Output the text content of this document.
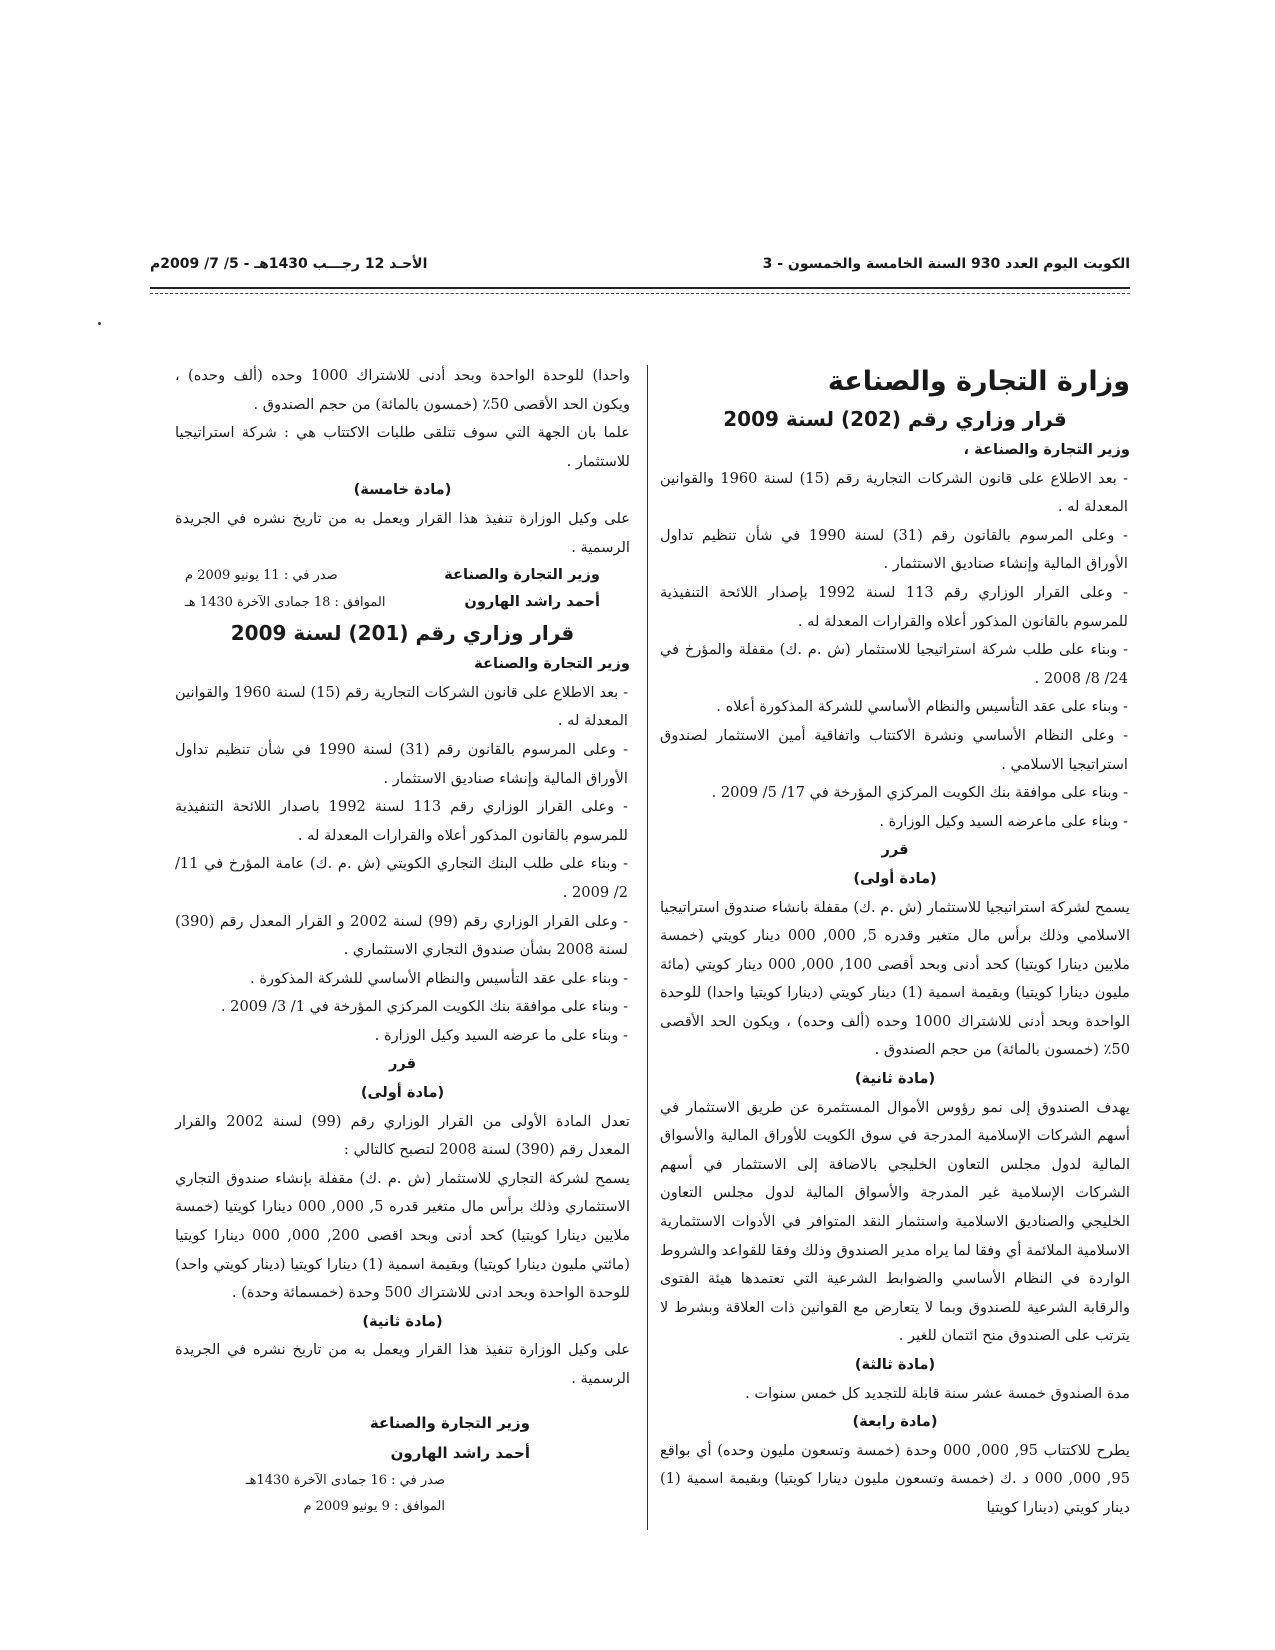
الكويت اليوم العدد 930 السنة الخامسة والخمسون - 3
الأحـد 12 رجـــب 1430هـ - 5/ 7/ 2009م

وزارة التجارة والصناعة

قرار وزاري رقم (202) لسنة 2009

وزير التجارة والصناعة ،

- بعد الاطلاع على قانون الشركات التجارية رقم (15) لسنة 1960 والقوانين المعدلة له .

- وعلى المرسوم بالقانون رقم (31) لسنة 1990 في شأن تنظيم تداول الأوراق المالية وإنشاء صناديق الاستثمار .

- وعلى القرار الوزاري رقم 113 لسنة 1992 بإصدار اللائحة التنفيذية للمرسوم بالقانون المذكور أعلاه والقرارات المعدلة له .

- وبناء على طلب شركة استراتيجيا للاستثمار (ش .م .ك) مقفلة والمؤرخ في 24/ 8/ 2008 .

- وبناء على عقد التأسيس والنظام الأساسي للشركة المذكورة أعلاه .

- وعلى النظام الأساسي ونشرة الاكتتاب واتفاقية أمين الاستثمار لصندوق استراتيجيا الاسلامي .

- وبناء على موافقة بنك الكويت المركزي المؤرخة في 17/ 5/ 2009 .

- وبناء على ماعرضه السيد وكيل الوزارة .

قرر

(مادة أولى)

يسمح لشركة استراتيجيا للاستثمار (ش .م .ك) مقفلة بانشاء صندوق استراتيجيا الاسلامي وذلك برأس مال متغير وقدره 5, 000, 000 دينار كويتي (خمسة ملايين دينارا كويتيا) كحد أدنى وبحد أقصى 100, 000, 000 دينار كويتي (مائة مليون دينارا كويتيا) وبقيمة اسمية (1) دينار كويتي (دينارا كويتيا واحدا) للوحدة الواحدة وبحد أدنى للاشتراك 1000 وحده (ألف وحده) ، ويكون الحد الأقصى 50٪ (خمسون بالمائة) من حجم الصندوق .

(مادة ثانية)

يهدف الصندوق إلى نمو رؤوس الأموال المستثمرة عن طريق الاستثمار في أسهم الشركات الإسلامية المدرجة في سوق الكويت للأوراق المالية والأسواق المالية لدول مجلس التعاون الخليجي بالاضافة إلى الاستثمار في أسهم الشركات الإسلامية غير المدرجة والأسواق المالية لدول مجلس التعاون الخليجي والصناديق الاسلامية واستثمار النقد المتوافر في الأدوات الاستثمارية الاسلامية الملائمة أي وفقا لما يراه مدير الصندوق وذلك وفقا للقواعد والشروط الواردة في النظام الأساسي والضوابط الشرعية التي تعتمدها هيئة الفتوى والرقابة الشرعية للصندوق وبما لا يتعارض مع القوانين ذات العلاقة وبشرط لا يترتب على الصندوق منح ائتمان للغير .

(مادة ثالثة)

مدة الصندوق خمسة عشر سنة قابلة للتجديد كل خمس سنوات .

(مادة رابعة)

يطرح للاكتتاب 95, 000, 000 وحدة (خمسة وتسعون مليون وحده) أي بواقع 95, 000, 000 د .ك (خمسة وتسعون مليون دينارا كويتيا) وبقيمة اسمية (1) دينار كويتي (دينارا كويتيا

واحدا) للوحدة الواحدة وبحد أدنى للاشتراك 1000 وحده (ألف وحده) ، ويكون الحد الأقصى 50٪ (خمسون بالمائة) من حجم الصندوق .

علما بان الجهة التي سوف تتلقى طلبات الاكتتاب هي : شركة استراتيجيا للاستثمار .

(مادة خامسة)

على وكيل الوزارة تنفيذ هذا القرار ويعمل به من تاريخ نشره في الجريدة الرسمية .

وزير التجارة والصناعة
صدر في : 11 يونيو 2009 م
أحمد راشد الهارون
الموافق : 18 جمادى الآخرة 1430 هـ

قرار وزاري رقم (201) لسنة 2009

وزير التجارة والصناعة

- بعد الاطلاع على قانون الشركات التجارية رقم (15) لسنة 1960 والقوانين المعدلة له .

- وعلى المرسوم بالقانون رقم (31) لسنة 1990 في شأن تنظيم تداول الأوراق المالية وإنشاء صناديق الاستثمار .

- وعلى القرار الوزاري رقم 113 لسنة 1992 باصدار اللائحة التنفيذية للمرسوم بالقانون المذكور أعلاه والقرارات المعدلة له .

- وبناء على طلب البنك التجاري الكويتي (ش .م .ك) عامة المؤرخ في 11/ 2/ 2009 .

- وعلى القرار الوزاري رقم (99) لسنة 2002 و القرار المعدل رقم (390) لسنة 2008 بشأن صندوق التجاري الاستثماري .

- وبناء على عقد التأسيس والنظام الأساسي للشركة المذكورة .

- وبناء على موافقة بنك الكويت المركزي المؤرخة في 1/ 3/ 2009 .

- وبناء على ما عرضه السيد وكيل الوزارة .

قرر

(مادة أولى)

تعدل المادة الأولى من القرار الوزاري رقم (99) لسنة 2002 والقرار المعدل رقم (390) لسنة 2008 لتصبح كالتالي :

يسمح لشركة التجاري للاستثمار (ش .م .ك) مقفلة بإنشاء صندوق التجاري الاستثماري وذلك برأس مال متغير قدره 5, 000, 000 دينارا كويتيا (خمسة ملايين دينارا كويتيا) كحد أدنى وبحد اقصى 200, 000, 000 دينارا كويتيا (مائتي مليون دينارا كويتيا) وبقيمة اسمية (1) دينارا كويتيا (دينار كويتي واحد) للوحدة الواحدة وبحد ادنى للاشتراك 500 وحدة (خمسمائة وحدة) .

(مادة ثانية)

على وكيل الوزارة تنفيذ هذا القرار ويعمل به من تاريخ نشره في الجريدة الرسمية .

وزير التجارة والصناعة

أحمد راشد الهارون

صدر في : 16 جمادى الآخرة 1430هـ

الموافق : 9 يونيو 2009 م
